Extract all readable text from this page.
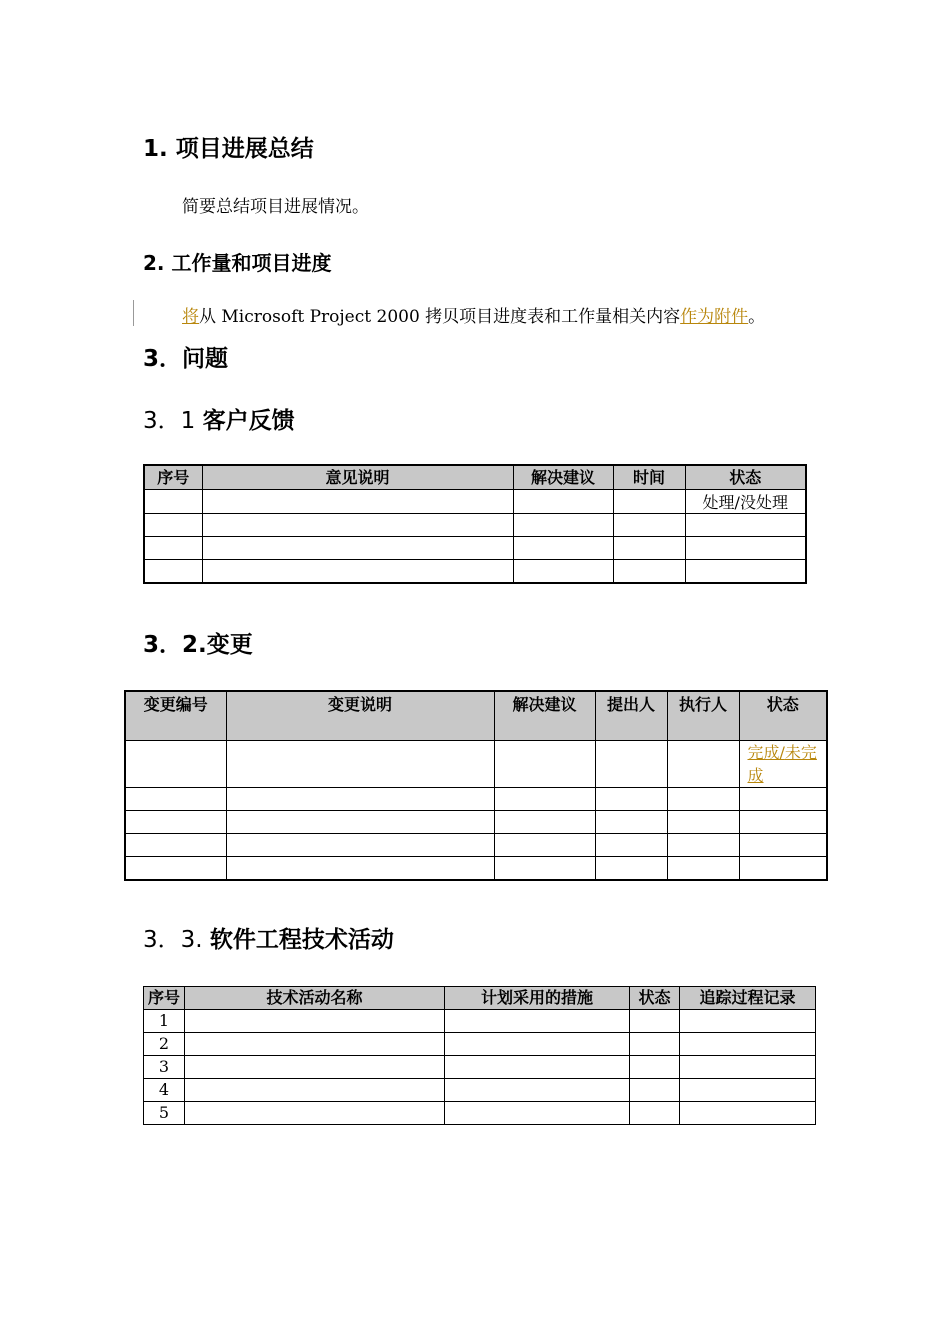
1. 项目进展总结
简要总结项目进展情况。
2. 工作量和项目进度
将从 Microsoft Project 2000 拷贝项目进度表和工作量相关内容作为附件。
3．问题
3．1 客户反馈
序号	意见说明	解决建议	时间	状态
				处理/没处理

3．2.变更
变更编号	变更说明	解决建议	提出人	执行人	状态
					完成/未完成

3．3. 软件工程技术活动
序号	技术活动名称	计划采用的措施	状态	追踪过程记录
1				
2				
3				
4				
5				
